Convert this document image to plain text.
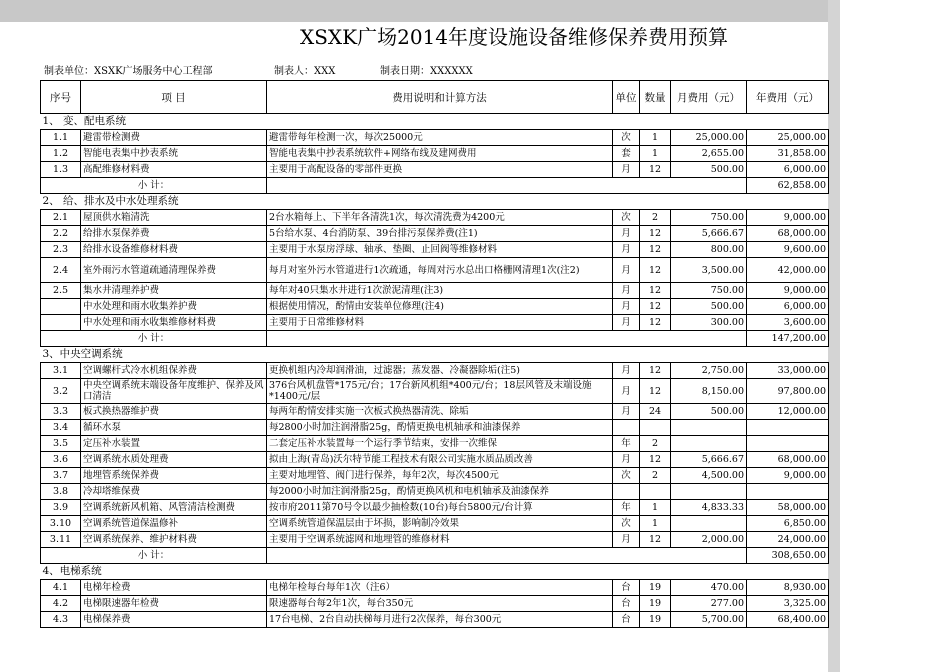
XSXK广场2014年度设施设备维修保养费用预算
制表单位：XSXK广场服务中心工程部	制表人：XXX	制表日期：XXXXXX
序号	项 目	费用说明和计算方法	单位	数量	月费用（元）	年费用（元）
1、 变、配电系统						
1.1	避雷带检测费	避雷带每年检测一次，每次25000元	次	1	25,000.00	25,000.00
1.2	智能电表集中抄表系统	智能电表集中抄表系统软件+网络布线及建网费用	套	1	2,655.00	31,858.00
1.3	高配维修材料费	主要用于高配设备的零部件更换	月	12	500.00	6,000.00
小 计：						62,858.00
2、 给、排水及中水处理系统						
2.1	屋顶供水箱清洗	2台水箱每上、下半年各清洗1次，每次清洗费为4200元	次	2	750.00	9,000.00
2.2	给排水泵保养费	5台给水泵、4台消防泵、39台排污泵保养费(注1)	月	12	5,666.67	68,000.00
2.3	给排水设备维修材料费	主要用于水泵房浮球、轴承、垫圈、止回阀等维修材料	月	12	800.00	9,600.00
2.4	室外雨污水管道疏通清理保养费	每月对室外污水管道进行1次疏通，每周对污水总出口格栅网清理1次(注2)	月	12	3,500.00	42,000.00
2.5	集水井清理养护费	每年对40只集水井进行1次淤泥清理(注3)	月	12	750.00	9,000.00
	中水处理和雨水收集养护费	根据使用情况，酌情由安装单位修理(注4)	月	12	500.00	6,000.00
	中水处理和雨水收集维修材料费	主要用于日常维修材料	月	12	300.00	3,600.00
小 计：						147,200.00
3、中央空调系统						
3.1	空调螺杆式冷水机组保养费	更换机组内冷却润滑油，过滤器；蒸发器、冷凝器除垢(注5)	月	12	2,750.00	33,000.00
3.2	中央空调系统末端设备年度维护、保养及风口清洁	376台风机盘管*175元/台；17台新风机组*400元/台；18层风管及末端设施*1400元/层	月	12	8,150.00	97,800.00
3.3	板式换热器维护费	每两年酌情安排实施一次板式换热器清洗、除垢	月	24	500.00	12,000.00
3.4	循环水泵	每2800小时加注润滑脂25g，酌情更换电机轴承和油漆保养				
3.5	定压补水装置	二套定压补水装置每一个运行季节结束，安排一次维保	年	2		
3.6	空调系统水质处理费	拟由上海(青岛)沃尔特节能工程技术有限公司实施水质品质改善	月	12	5,666.67	68,000.00
3.7	地埋管系统保养费	主要对地埋管、阀门进行保养，每年2次，每次4500元	次	2	4,500.00	9,000.00
3.8	冷却塔维保费	每2000小时加注润滑脂25g，酌情更换风机和电机轴承及油漆保养				
3.9	空调系统新风机箱、风管清洁检测费	按市府2011第70号令以最少抽检数(10台)每台5800元/台计算	年	1	4,833.33	58,000.00
3.10	空调系统管道保温修补	空调系统管道保温层由于坏损，影响制冷效果	次	1		6,850.00
3.11	空调系统保养、维护材料费	主要用于空调系统滤网和地埋管的维修材料	月	12	2,000.00	24,000.00
小 计：						308,650.00
4、电梯系统						
4.1	电梯年检费	电梯年检每台每年1次（注6）	台	19	470.00	8,930.00
4.2	电梯限速器年检费	限速器每台每2年1次，每台350元	台	19	277.00	3,325.00
4.3	电梯保养费	17台电梯、2台自动扶梯每月进行2次保养，每台300元	台	19	5,700.00	68,400.00
